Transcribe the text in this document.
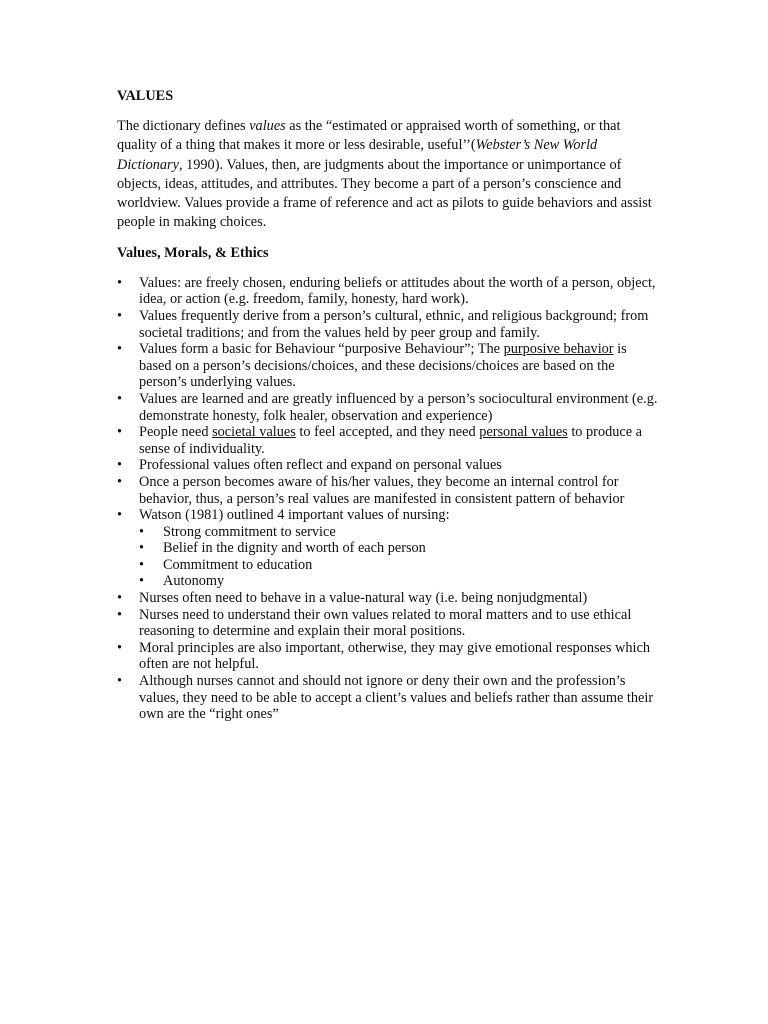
VALUES

The dictionary defines values as the “estimated or appraised worth of something, or that quality of a thing that makes it more or less desirable, useful’’(Webster’s New World Dictionary, 1990). Values, then, are judgments about the importance or unimportance of objects, ideas, attitudes, and attributes. They become a part of a person’s conscience and worldview. Values provide a frame of reference and act as pilots to guide behaviors and assist people in making choices.

Values, Morals, & Ethics
• Values: are freely chosen, enduring beliefs or attitudes about the worth of a person, object, idea, or action (e.g. freedom, family, honesty, hard work).
• Values frequently derive from a person’s cultural, ethnic, and religious background; from societal traditions; and from the values held by peer group and family.
• Values form a basic for Behaviour “purposive Behaviour”; The purposive behavior is based on a person’s decisions/choices, and these decisions/choices are based on the person’s underlying values.
• Values are learned and are greatly influenced by a person’s sociocultural environment (e.g. demonstrate honesty, folk healer, observation and experience)
• People need societal values to feel accepted, and they need personal values to produce a sense of individuality.
• Professional values often reflect and expand on personal values
• Once a person becomes aware of his/her values, they become an internal control for behavior, thus, a person’s real values are manifested in consistent pattern of behavior
• Watson (1981) outlined 4 important values of nursing:
• Strong commitment to service
• Belief in the dignity and worth of each person
• Commitment to education
• Autonomy
• Nurses often need to behave in a value-natural way (i.e. being nonjudgmental)
• Nurses need to understand their own values related to moral matters and to use ethical reasoning to determine and explain their moral positions.
• Moral principles are also important, otherwise, they may give emotional responses which often are not helpful.
• Although nurses cannot and should not ignore or deny their own and the profession’s values, they need to be able to accept a client’s values and beliefs rather than assume their own are the “right ones”
